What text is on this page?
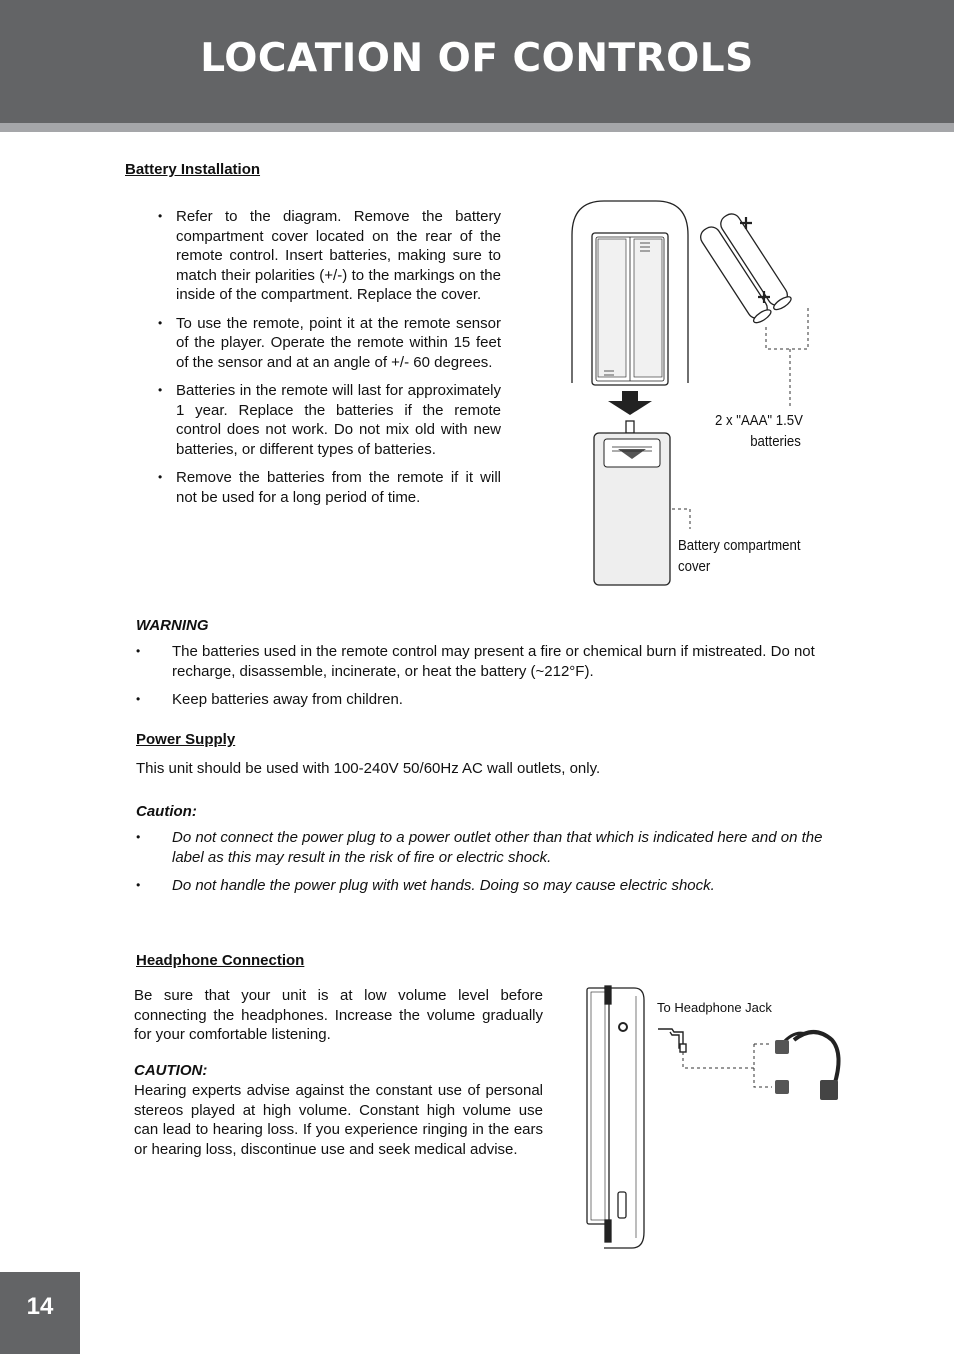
LOCATION OF CONTROLS

Battery Installation

• Refer to the diagram. Remove the battery compartment cover located on the rear of the remote control. Insert batteries, making sure to match their polarities (+/-) to the markings on the inside of the compartment. Replace the cover.
• To use the remote, point it at the remote sensor of the player. Operate the remote within 15 feet of the sensor and at an angle of +/- 60 degrees.
• Batteries in the remote will last for approximately 1 year. Replace the batteries if the remote control does not work. Do not mix old with new batteries, or different types of batteries.
• Remove the batteries from the remote if it will not be used for a long period of time.
2 x "AAA" 1.5V
batteries
Battery compartment
cover

WARNING

• The batteries used in the remote control may present a fire or chemical burn if mistreated. Do not recharge, disassemble, incinerate, or heat the battery (~212°F).
• Keep batteries away from children.

Power Supply

This unit should be used with 100-240V 50/60Hz AC wall outlets, only.

Caution:

• Do not connect the power plug to a power outlet other than that which is indicated here and on the label as this may result in the risk of fire or electric shock.
• Do not handle the power plug with wet hands. Doing so may cause electric shock.

Headphone Connection

Be sure that your unit is at low volume level before connecting the headphones. Increase the volume gradually for your comfortable listening.

CAUTION:

Hearing experts advise against the constant use of personal stereos played at high volume. Constant high volume use can lead to hearing loss. If you experience ringing in the ears or hearing loss, discontinue use and seek medical advise.

To Headphone Jack
14
